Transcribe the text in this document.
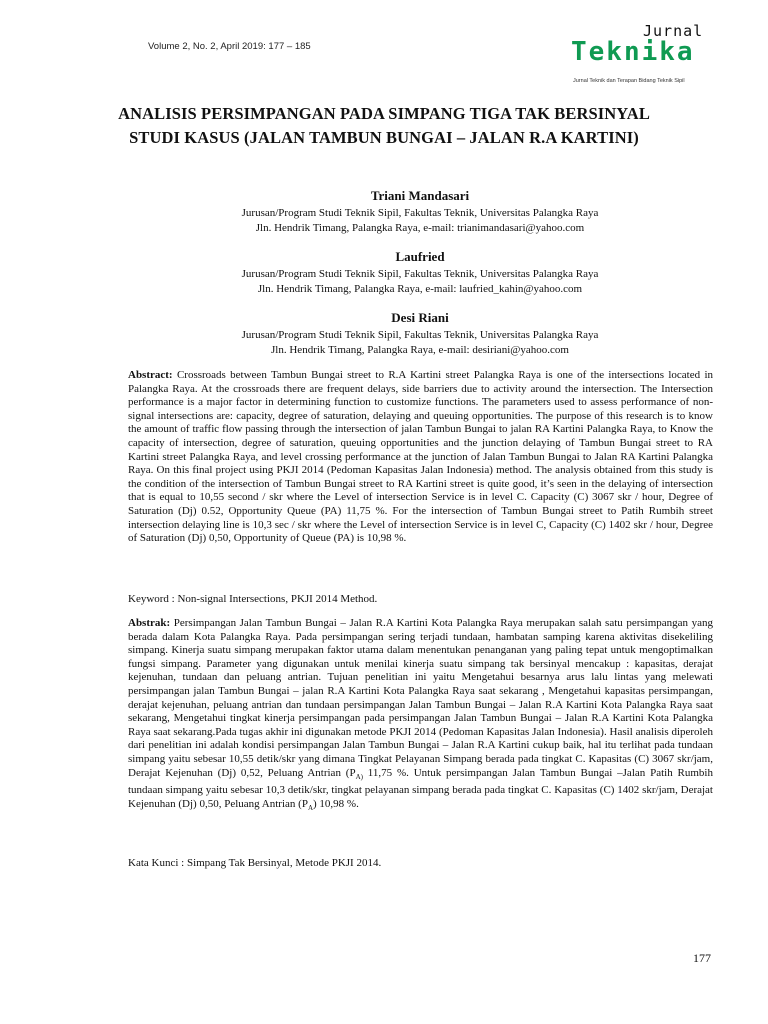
Volume 2, No. 2, April 2019: 177 – 185
Jurnal
Teknika
Jurnal Teknik dan Terapan Bidang Teknik Sipil
ANALISIS PERSIMPANGAN PADA SIMPANG TIGA TAK BERSINYAL STUDI KASUS (JALAN TAMBUN BUNGAI – JALAN R.A KARTINI)
Triani Mandasari
Jurusan/Program Studi Teknik Sipil, Fakultas Teknik, Universitas Palangka Raya
Jln. Hendrik Timang, Palangka Raya, e-mail: trianimandasari@yahoo.com
Laufried
Jurusan/Program Studi Teknik Sipil, Fakultas Teknik, Universitas Palangka Raya
Jln. Hendrik Timang, Palangka Raya, e-mail: laufried_kahin@yahoo.com
Desi Riani
Jurusan/Program Studi Teknik Sipil, Fakultas Teknik, Universitas Palangka Raya
Jln. Hendrik Timang, Palangka Raya, e-mail: desiriani@yahoo.com
Abstract: Crossroads between Tambun Bungai street to R.A Kartini street Palangka Raya is one of the intersections located in Palangka Raya. At the crossroads there are frequent delays, side barriers due to activity around the intersection. The Intersection performance is a major factor in determining function to customize functions. The parameters used to assess performance of non-signal intersections are: capacity, degree of saturation, delaying and queuing opportunities. The purpose of this research is to know the amount of traffic flow passing through the intersection of jalan Tambun Bungai to jalan RA Kartini Palangka Raya, to Know the capacity of intersection, degree of saturation, queuing opportunities and the junction delaying of Tambun Bungai street to RA Kartini street Palangka Raya, and level crossing performance at the junction of Jalan Tambun Bungai to Jalan RA Kartini Palangka Raya. On this final project using PKJI 2014 (Pedoman Kapasitas Jalan Indonesia) method. The analysis obtained from this study is the condition of the intersection of Tambun Bungai street to RA Kartini street is quite good, it’s seen in the delaying of intersection that is equal to 10,55 second / skr where the Level of intersection Service is in level C. Capacity (C) 3067 skr / hour, Degree of Saturation (Dj) 0.52, Opportunity Queue (PA) 11,75 %. For the intersection of Tambun Bungai street to Patih Rumbih street intersection delaying line is 10,3 sec / skr where the Level of intersection Service is in level C, Capacity (C) 1402 skr / hour, Degree of Saturation (Dj) 0,50, Opportunity of Queue (PA) is 10,98 %.
Keyword : Non-signal Intersections, PKJI 2014 Method.
Abstrak: Persimpangan Jalan Tambun Bungai – Jalan R.A Kartini Kota Palangka Raya merupakan salah satu persimpangan yang berada dalam Kota Palangka Raya. Pada persimpangan sering terjadi tundaan, hambatan samping karena aktivitas disekeliling simpang. Kinerja suatu simpang merupakan faktor utama dalam menentukan penanganan yang paling tepat untuk mengoptimalkan fungsi simpang. Parameter yang digunakan untuk menilai kinerja suatu simpang tak bersinyal mencakup : kapasitas, derajat kejenuhan, tundaan dan peluang antrian. Tujuan penelitian ini yaitu Mengetahui besarnya arus lalu lintas yang melewati persimpangan jalan Tambun Bungai – jalan R.A Kartini Kota Palangka Raya saat sekarang , Mengetahui kapasitas persimpangan, derajat kejenuhan, peluang antrian dan tundaan persimpangan Jalan Tambun Bungai – Jalan R.A Kartini Kota Palangka Raya saat sekarang, Mengetahui tingkat kinerja persimpangan pada persimpangan Jalan Tambun Bungai – Jalan R.A Kartini Kota Palangka Raya saat sekarang.Pada tugas akhir ini digunakan metode PKJI 2014 (Pedoman Kapasitas Jalan Indonesia). Hasil analisis diperoleh dari penelitian ini adalah kondisi persimpangan Jalan Tambun Bungai – Jalan R.A Kartini cukup baik, hal itu terlihat pada tundaan simpang yaitu sebesar 10,55 detik/skr yang dimana Tingkat Pelayanan Simpang berada pada tingkat C. Kapasitas (C) 3067 skr/jam, Derajat Kejenuhan (Dj) 0,52, Peluang Antrian ($P_{A)}$ 11,75 %. Untuk persimpangan Jalan Tambun Bungai –Jalan Patih Rumbih tundaan simpang yaitu sebesar 10,3 detik/skr, tingkat pelayanan simpang berada pada tingkat C. Kapasitas (C) 1402 skr/jam, Derajat Kejenuhan (Dj) 0,50, Peluang Antrian $(P_A)$ 10,98 %.
Kata Kunci : Simpang Tak Bersinyal, Metode PKJI 2014.
177
